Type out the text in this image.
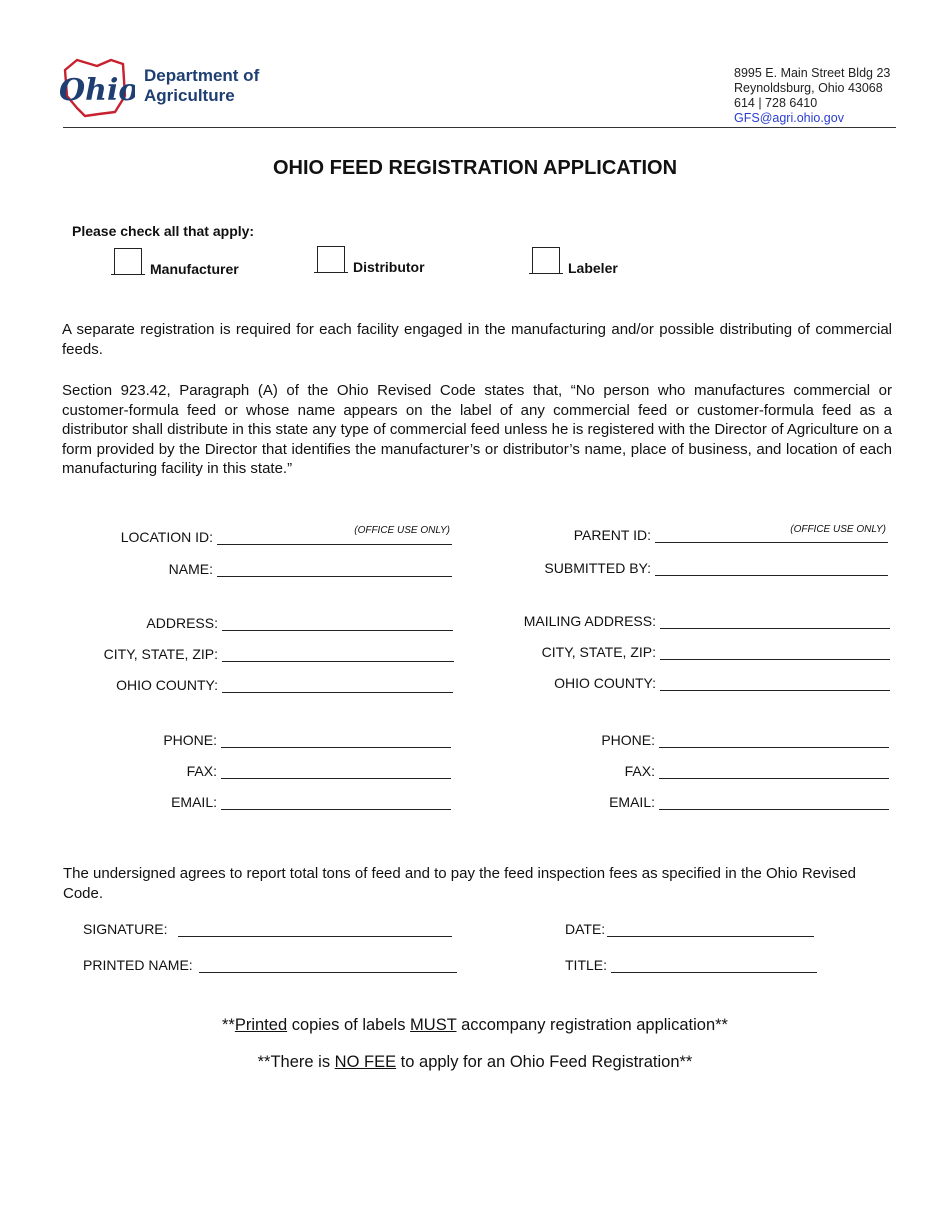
Ohio Department of
Agriculture
8995 E. Main Street Bldg 23
Reynoldsburg, Ohio 43068
614 | 728 6410
GFS@agri.ohio.gov
OHIO FEED REGISTRATION APPLICATION
Please check all that apply:
Manufacturer	Distributor	Labeler
A separate registration is required for each facility engaged in the manufacturing and/or possible distributing of commercial feeds.
Section 923.42, Paragraph (A) of the Ohio Revised Code states that, “No person who manufactures commercial or customer-formula feed or whose name appears on the label of any commercial feed or customer-formula feed as a distributor shall distribute in this state any type of commercial feed unless he is registered with the Director of Agriculture on a form provided by the Director that identifies the manufacturer’s or distributor’s name, place of business, and location of each manufacturing facility in this state.”
LOCATION ID:	(OFFICE USE ONLY)
NAME:
ADDRESS:
CITY, STATE, ZIP:
OHIO COUNTY:
PHONE:
FAX:
EMAIL:
PARENT ID:	(OFFICE USE ONLY)
SUBMITTED BY:
MAILING ADDRESS:
CITY, STATE, ZIP:
OHIO COUNTY:
PHONE:
FAX:
EMAIL:
The undersigned agrees to report total tons of feed and to pay the feed inspection fees as specified in the Ohio Revised Code.
SIGNATURE:
PRINTED NAME:
DATE:
TITLE:
**Printed copies of labels MUST accompany registration application**
**There is NO FEE to apply for an Ohio Feed Registration**
